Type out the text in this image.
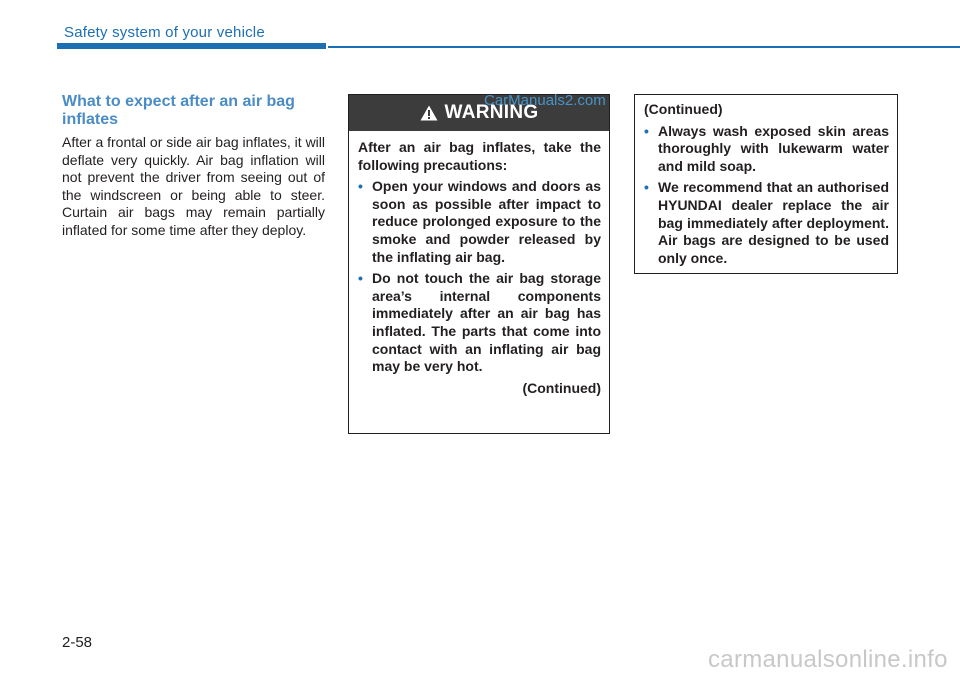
Safety system of your vehicle
What to expect after an air bag inflates
After a frontal or side air bag inflates, it will deflate very quickly. Air bag inflation will not prevent the driver from seeing out of the windscreen or being able to steer. Curtain air bags may remain partially inflated for some time after they deploy.
WARNING
After an air bag inflates, take the following precautions:
• Open your windows and doors as soon as possible after impact to reduce prolonged exposure to the smoke and powder released by the inflating air bag.
• Do not touch the air bag storage area’s internal components immediately after an air bag has inflated. The parts that come into contact with an inflating air bag may be very hot.
(Continued)
(Continued)
• Always wash exposed skin areas thoroughly with lukewarm water and mild soap.
• We recommend that an authorised HYUNDAI dealer replace the air bag immediately after deployment. Air bags are designed to be used only once.
CarManuals2.com
2-58
carmanualsonline.info
